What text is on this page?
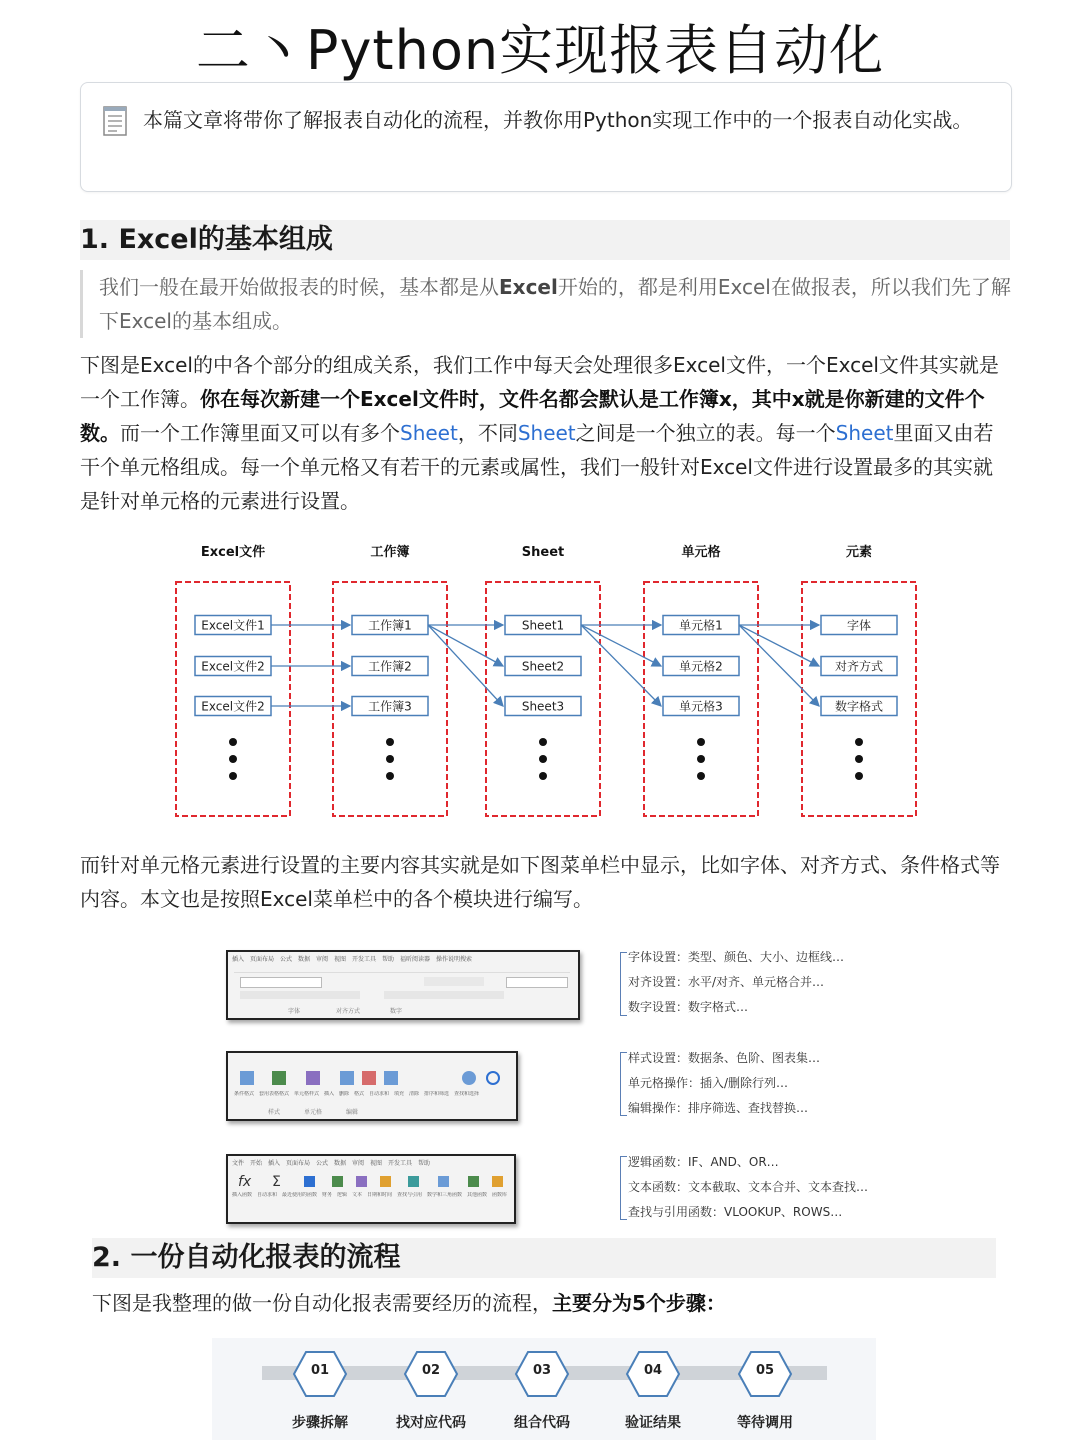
二丶Python实现报表自动化
本篇文章将带你了解报表自动化的流程，并教你用Python实现工作中的一个报表自动化实战。
1. Excel的基本组成
我们一般在最开始做报表的时候，基本都是从Excel开始的，都是利用Excel在做报表，所以我们先了解下Excel的基本组成。
下图是Excel的中各个部分的组成关系，我们工作中每天会处理很多Excel文件，一个Excel文件其实就是一个工作簿。你在每次新建一个Excel文件时，文件名都会默认是工作簿x，其中x就是你新建的文件个数。而一个工作簿里面又可以有多个Sheet，不同Sheet之间是一个独立的表。每一个Sheet里面又由若干个单元格组成。每一个单元格又有若干的元素或属性，我们一般针对Excel文件进行设置最多的其实就是针对单元格的元素进行设置。
Excel文件
Excel文件1
Excel文件2
Excel文件2
工作簿
工作簿1
工作簿2
工作簿3
Sheet
Sheet1
Sheet2
Sheet3
单元格
单元格1
单元格2
单元格3
元素
字体
对齐方式
数字格式
而针对单元格元素进行设置的主要内容其实就是如下图菜单栏中显示，比如字体、对齐方式、条件格式等内容。本文也是按照Excel菜单栏中的各个模块进行编写。
插入　页面布局　公式　数据　审阅　视图　开发工具　帮助　福昕阅读器　操作说明搜索
字体　　　　　　对齐方式　　　　　数字
字体设置：类型、颜色、大小、边框线…
对齐设置：水平/对齐、单元格合并…
数字设置：数字格式…
条件格式　套用表格格式　单元格样式　插入　删除　格式　自动求和　填充　清除　排序和筛选　查找和选择
样式　　　　单元格　　　　编辑
样式设置：数据条、色阶、图表集…
单元格操作：插入/删除行列…
编辑操作：排序筛选、查找替换…
文件　开始　插入　页面布局　公式　数据　审阅　视图　开发工具　帮助
fx Σ
插入函数　自动求和　最近使用的函数　财务　逻辑　文本　日期和时间　查找与引用　数学和三角函数　其他函数　函数库
逻辑函数：IF、AND、OR…
文本函数：文本截取、文本合并、文本查找…
查找与引用函数：VLOOKUP、ROWS…
2. 一份自动化报表的流程
下图是我整理的做一份自动化报表需要经历的流程，主要分为5个步骤：
01
步骤拆解
02
找对应代码
03
组合代码
04
验证结果
05
等待调用
